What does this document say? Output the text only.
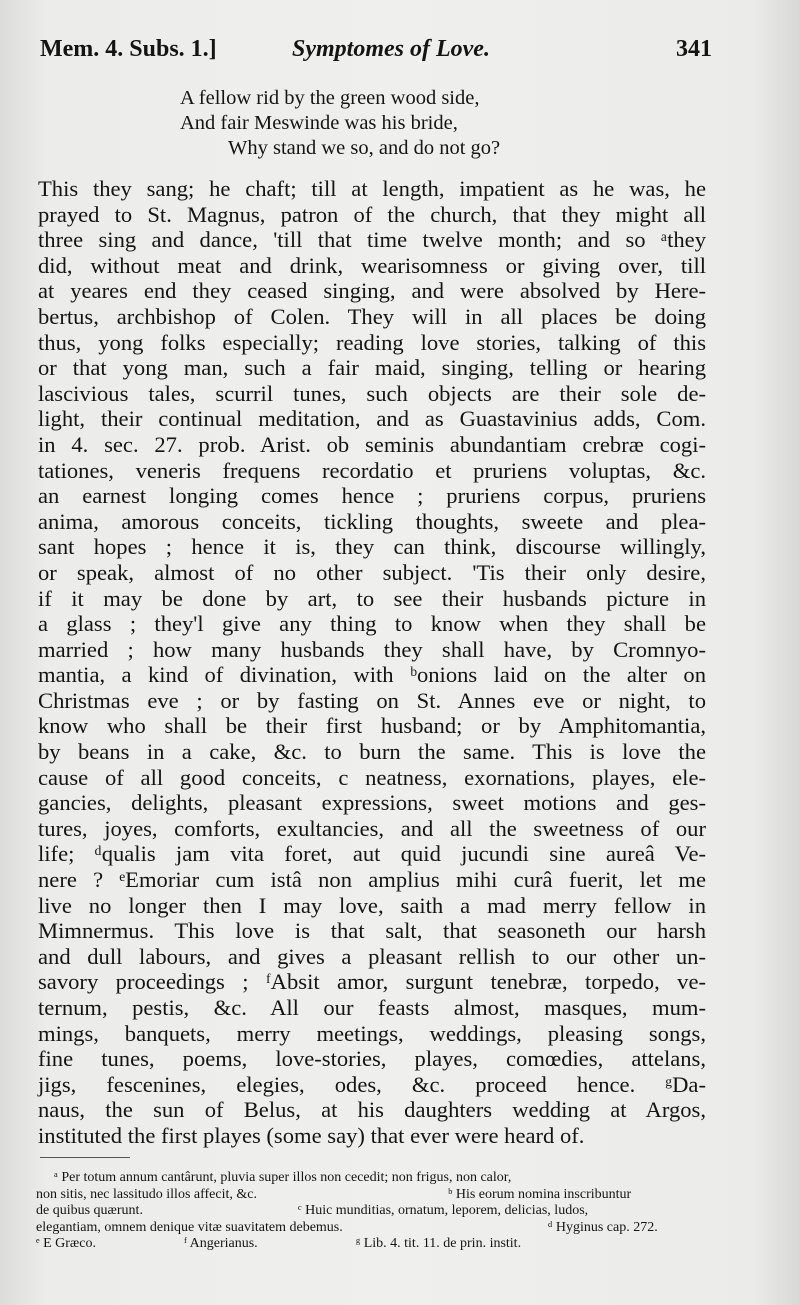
Mem. 4. Subs. 1.]	Symptomes of Love.	341
A fellow rid by the green wood side,
And fair Meswinde was his bride,
Why stand we so, and do not go?
This they sang; he chaft; till at length, impatient as he was, he
prayed to St. Magnus, patron of the church, that they might all
three sing and dance, 'till that time twelve month; and so ᵃthey
did, without meat and drink, wearisomness or giving over, till
at yeares end they ceased singing, and were absolved by Here-
bertus, archbishop of Colen. They will in all places be doing
thus, yong folks especially; reading love stories, talking of this
or that yong man, such a fair maid, singing, telling or hearing
lascivious tales, scurril tunes, such objects are their sole de-
light, their continual meditation, and as Guastavinius adds, Com.
in 4. sec. 27. prob. Arist. ob seminis abundantiam crebræ cogi-
tationes, veneris frequens recordatio et pruriens voluptas, &c.
an earnest longing comes hence ; pruriens corpus, pruriens
anima, amorous conceits, tickling thoughts, sweete and plea-
sant hopes ; hence it is, they can think, discourse willingly,
or speak, almost of no other subject. 'Tis their only desire,
if it may be done by art, to see their husbands picture in
a glass ; they'l give any thing to know when they shall be
married ; how many husbands they shall have, by Cromnyo-
mantia, a kind of divination, with ᵇonions laid on the alter on
Christmas eve ; or by fasting on St. Annes eve or night, to
know who shall be their first husband; or by Amphitomantia,
by beans in a cake, &c. to burn the same. This is love the
cause of all good conceits, c neatness, exornations, playes, ele-
gancies, delights, pleasant expressions, sweet motions and ges-
tures, joyes, comforts, exultancies, and all the sweetness of our
life; ᵈqualis jam vita foret, aut quid jucundi sine aureâ Ve-
nere ? ᵉEmoriar cum istâ non amplius mihi curâ fuerit, let me
live no longer then I may love, saith a mad merry fellow in
Mimnermus. This love is that salt, that seasoneth our harsh
and dull labours, and gives a pleasant rellish to our other un-
savory proceedings ; ᶠAbsit amor, surgunt tenebræ, torpedo, ve-
ternum, pestis, &c. All our feasts almost, masques, mum-
mings, banquets, merry meetings, weddings, pleasing songs,
fine tunes, poems, love-stories, playes, comœdies, attelans,
jigs, fescenines, elegies, odes, &c. proceed hence. ᵍDa-
naus, the sun of Belus, at his daughters wedding at Argos,
instituted the first playes (some say) that ever were heard of.
ᵃ Per totum annum cantârunt, pluvia super illos non cecedit; non frigus, non calor,
non sitis, nec lassitudo illos affecit, &c.	ᵇ His eorum nomina inscribuntur
de quibus quærunt.	ᶜ Huic munditias, ornatum, leporem, delicias, ludos,
elegantiam, omnem denique vitæ suavitatem debemus.	ᵈ Hyginus cap. 272.
ᵉ E Græco.	ᶠ Angerianus.	ᵍ Lib. 4. tit. 11. de prin. instit.
